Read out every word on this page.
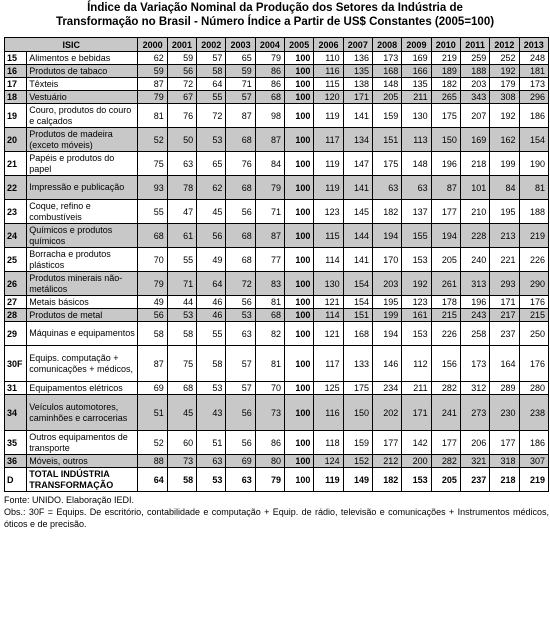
Índice da Variação Nominal da Produção dos Setores da Indústria de
Transformação no Brasil - Número Índice a Partir de US$ Constantes (2005=100)
ISIC		2000	2001	2002	2003	2004	2005	2006	2007	2008	2009	2010	2011	2012	2013
15	Alimentos e bebidas	62	59	57	65	79	100	110	136	173	169	219	259	252	248
16	Produtos de tabaco	59	56	58	59	86	100	116	135	168	166	189	188	192	181
17	Têxteis	87	72	64	71	86	100	115	138	148	135	182	203	179	173
18	Vestuário	79	67	55	57	68	100	120	171	205	211	265	343	308	296
19	Couro, produtos do couro e calçados	81	76	72	87	98	100	119	141	159	130	175	207	192	186
20	Produtos de madeira (exceto móveis)	52	50	53	68	87	100	117	134	151	113	150	169	162	154
21	Papéis e produtos do papel	75	63	65	76	84	100	119	147	175	148	196	218	199	190
22	Impressão e publicação	93	78	62	68	79	100	119	141	63	63	87	101	84	81
23	Coque, refino e combustíveis	55	47	45	56	71	100	123	145	182	137	177	210	195	188
24	Químicos e produtos químicos	68	61	56	68	87	100	115	144	194	155	194	228	213	219
25	Borracha e produtos plásticos	70	55	49	68	77	100	114	141	170	153	205	240	221	226
26	Produtos minerais não-metálicos	79	71	64	72	83	100	130	154	203	192	261	313	293	290
27	Metais básicos	49	44	46	56	81	100	121	154	195	123	178	196	171	176
28	Produtos de metal	56	53	46	53	68	100	114	151	199	161	215	243	217	215
29	Máquinas e equipamentos	58	58	55	63	82	100	121	168	194	153	226	258	237	250
30F	Equips. computação + comunicações + médicos,	87	75	58	57	81	100	117	133	146	112	156	173	164	176
31	Equipamentos elétricos	69	68	53	57	70	100	125	175	234	211	282	312	289	280
34	Veículos automotores, caminhões e carrocerias	51	45	43	56	73	100	116	150	202	171	241	273	230	238
35	Outros equipamentos de transporte	52	60	51	56	86	100	118	159	177	142	177	206	177	186
36	Móveis, outros	88	73	63	69	80	100	124	152	212	200	282	321	318	307
D	TOTAL INDÚSTRIA TRANSFORMAÇÃO	64	58	53	63	79	100	119	149	182	153	205	237	218	219
Fonte: UNIDO. Elaboração IEDI.
Obs.: 30F = Equips. De escritório, contabilidade e computação + Equip. de rádio, televisão e comunicações + Instrumentos médicos, óticos e de precisão.
